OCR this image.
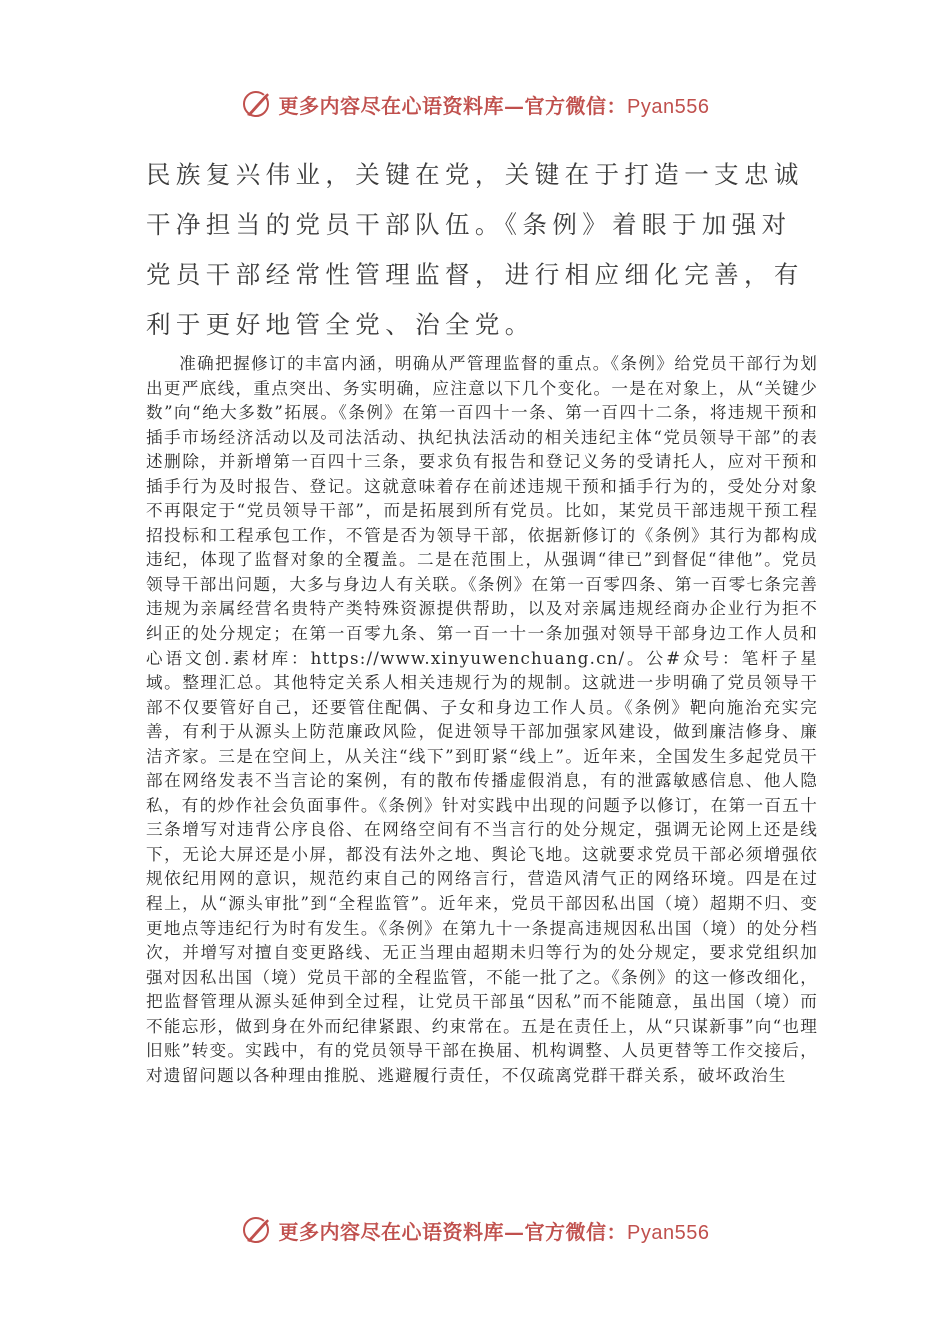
更多内容尽在心语资料库—官方微信：Pyan556

民族复兴伟业，关键在党，关键在于打造一支忠诚干净担当的党员干部队伍。《条例》着眼于加强对党员干部经常性管理监督，进行相应细化完善，有利于更好地管全党、治全党。

准确把握修订的丰富内涵，明确从严管理监督的重点。《条例》给党员干部行为划出更严底线，重点突出、务实明确，应注意以下几个变化。一是在对象上，从“关键少数”向“绝大多数”拓展。《条例》在第一百四十一条、第一百四十二条，将违规干预和插手市场经济活动以及司法活动、执纪执法活动的相关违纪主体“党员领导干部”的表述删除，并新增第一百四十三条，要求负有报告和登记义务的受请托人，应对干预和插手行为及时报告、登记。这就意味着存在前述违规干预和插手行为的，受处分对象不再限定于“党员领导干部”，而是拓展到所有党员。比如，某党员干部违规干预工程招投标和工程承包工作，不管是否为领导干部，依据新修订的《条例》其行为都构成违纪，体现了监督对象的全覆盖。二是在范围上，从强调“律已”到督促“律他”。党员领导干部出问题，大多与身边人有关联。《条例》在第一百零四条、第一百零七条完善违规为亲属经营名贵特产类特殊资源提供帮助，以及对亲属违规经商办企业行为拒不纠正的处分规定；在第一百零九条、第一百一十一条加强对领导干部身边工作人员和心语文创.素材库：https://www.xinyuwenchuang.cn/。公#众号：笔杆子星域。整理汇总。其他特定关系人相关违规行为的规制。这就进一步明确了党员领导干部不仅要管好自己，还要管住配偶、子女和身边工作人员。《条例》靶向施治充实完善，有利于从源头上防范廉政风险，促进领导干部加强家风建设，做到廉洁修身、廉洁齐家。三是在空间上，从关注“线下”到盯紧“线上”。近年来，全国发生多起党员干部在网络发表不当言论的案例，有的散布传播虚假消息，有的泄露敏感信息、他人隐私，有的炒作社会负面事件。《条例》针对实践中出现的问题予以修订，在第一百五十三条增写对违背公序良俗、在网络空间有不当言行的处分规定，强调无论网上还是线下，无论大屏还是小屏，都没有法外之地、舆论飞地。这就要求党员干部必须增强依规依纪用网的意识，规范约束自己的网络言行，营造风清气正的网络环境。四是在过程上，从“源头审批”到“全程监管”。近年来，党员干部因私出国（境）超期不归、变更地点等违纪行为时有发生。《条例》在第九十一条提高违规因私出国（境）的处分档次，并增写对擅自变更路线、无正当理由超期未归等行为的处分规定，要求党组织加强对因私出国（境）党员干部的全程监管，不能一批了之。《条例》的这一修改细化，把监督管理从源头延伸到全过程，让党员干部虽“因私”而不能随意，虽出国（境）而不能忘形，做到身在外而纪律紧跟、约束常在。五是在责任上，从“只谋新事”向“也理旧账”转变。实践中，有的党员领导干部在换届、机构调整、人员更替等工作交接后，对遗留问题以各种理由推脱、逃避履行责任，不仅疏离党群干群关系，破坏政治生

更多内容尽在心语资料库—官方微信：Pyan556
